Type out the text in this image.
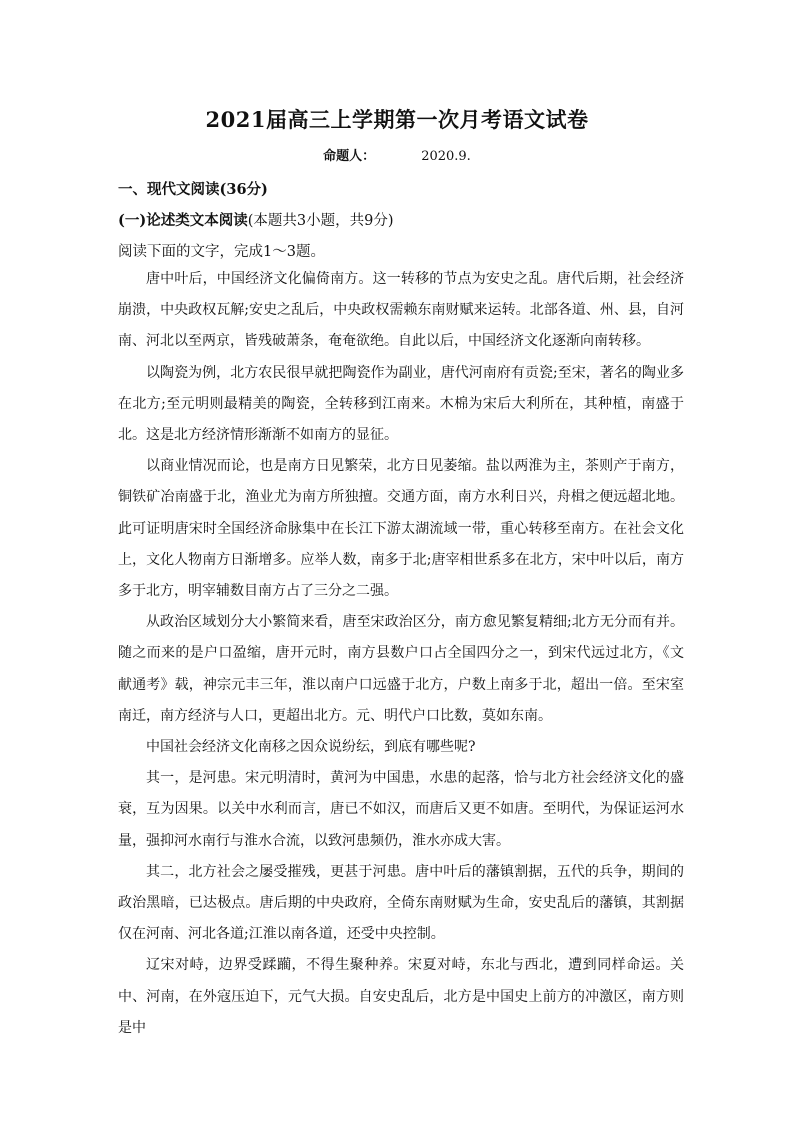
2021届高三上学期第一次月考语文试卷
命题人：	2020.9.

一、现代文阅读(36分)

(一)论述类文本阅读(本题共3小题，共9分)

阅读下面的文字，完成1～3题。

唐中叶后，中国经济文化偏倚南方。这一转移的节点为安史之乱。唐代后期，社会经济崩溃，中央政权瓦解;安史之乱后，中央政权需赖东南财赋来运转。北部各道、州、县，自河南、河北以至两京，皆残破萧条，奄奄欲绝。自此以后，中国经济文化逐渐向南转移。

以陶瓷为例，北方农民很早就把陶瓷作为副业，唐代河南府有贡瓷;至宋，著名的陶业多在北方;至元明则最精美的陶瓷，全转移到江南来。木棉为宋后大利所在，其种植，南盛于北。这是北方经济情形渐渐不如南方的显征。

以商业情况而论，也是南方日见繁荣，北方日见萎缩。盐以两淮为主，茶则产于南方，铜铁矿冶南盛于北，渔业尤为南方所独擅。交通方面，南方水利日兴，舟楫之便远超北地。此可证明唐宋时全国经济命脉集中在长江下游太湖流域一带，重心转移至南方。在社会文化上，文化人物南方日渐增多。应举人数，南多于北;唐宰相世系多在北方，宋中叶以后，南方多于北方，明宰辅数目南方占了三分之二强。

从政治区域划分大小繁简来看，唐至宋政治区分，南方愈见繁复精细;北方无分而有并。随之而来的是户口盈缩，唐开元时，南方县数户口占全国四分之一，到宋代远过北方，《文献通考》载，神宗元丰三年，淮以南户口远盛于北方，户数上南多于北，超出一倍。至宋室南迁，南方经济与人口，更超出北方。元、明代户口比数，莫如东南。

中国社会经济文化南移之因众说纷纭，到底有哪些呢?

其一，是河患。宋元明清时，黄河为中国患，水患的起落，恰与北方社会经济文化的盛衰，互为因果。以关中水利而言，唐已不如汉，而唐后又更不如唐。至明代，为保证运河水量，强抑河水南行与淮水合流，以致河患频仍，淮水亦成大害。

其二，北方社会之屡受摧残，更甚于河患。唐中叶后的藩镇割据，五代的兵争，期间的政治黑暗，已达极点。唐后期的中央政府，全倚东南财赋为生命，安史乱后的藩镇，其割据仅在河南、河北各道;江淮以南各道，还受中央控制。

辽宋对峙，边界受蹂躏，不得生聚种养。宋夏对峙，东北与西北，遭到同样命运。关中、河南，在外寇压迫下，元气大损。自安史乱后，北方是中国史上前方的冲激区，南方则是中
